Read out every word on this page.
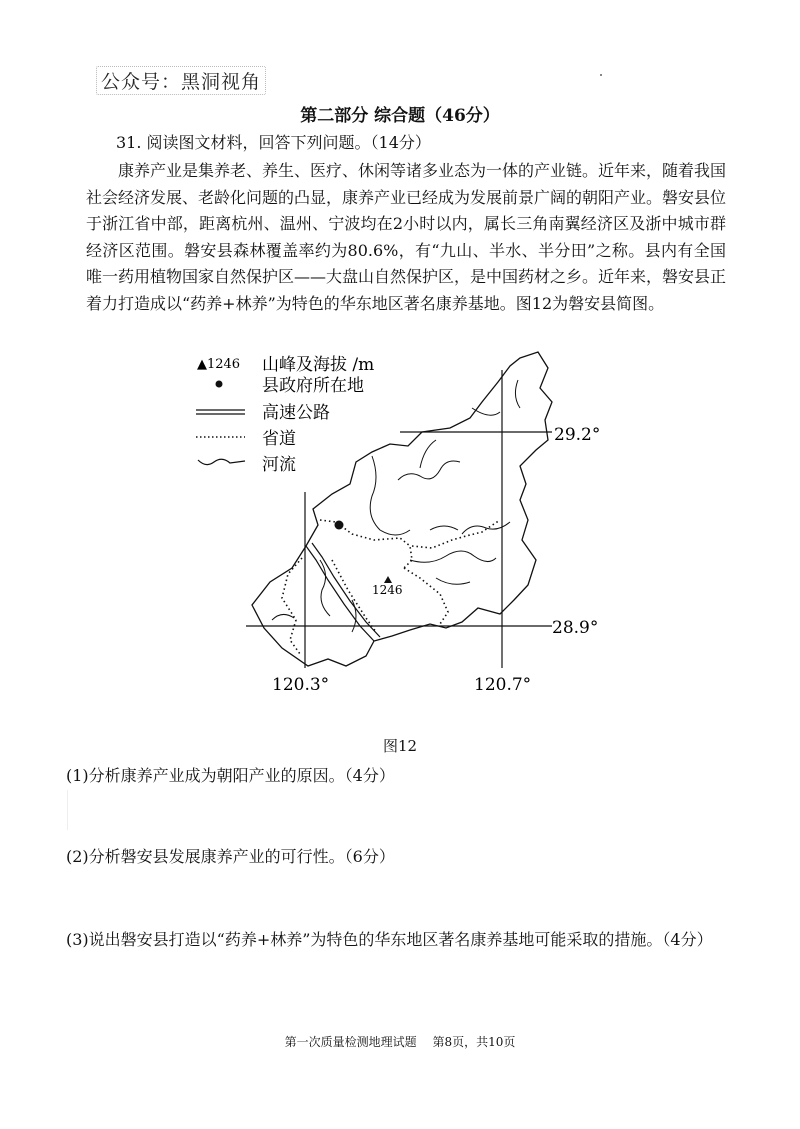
公众号：黑洞视角
第二部分 综合题（46分）
31. 阅读图文材料，回答下列问题。（14分）
康养产业是集养老、养生、医疗、休闲等诸多业态为一体的产业链。近年来，随着我国社会经济发展、老龄化问题的凸显，康养产业已经成为发展前景广阔的朝阳产业。磐安县位于浙江省中部，距离杭州、温州、宁波均在2小时以内，属长三角南翼经济区及浙中城市群经济区范围。磐安县森林覆盖率约为80.6%，有“九山、半水、半分田”之称。县内有全国唯一药用植物国家自然保护区——大盘山自然保护区，是中国药材之乡。近年来，磐安县正着力打造成以“药养+林养”为特色的华东地区著名康养基地。图12为磐安县简图。
▲1246 山峰及海拔 /m
县政府所在地
高速公路
省道
河流
1246
29.2°
28.9°
120.3°	120.7°
图12
(1)分析康养产业成为朝阳产业的原因。（4分）
(2)分析磐安县发展康养产业的可行性。（6分）
(3)说出磐安县打造以“药养+林养”为特色的华东地区著名康养基地可能采取的措施。（4分）
第一次质量检测地理试题 第8页，共10页
